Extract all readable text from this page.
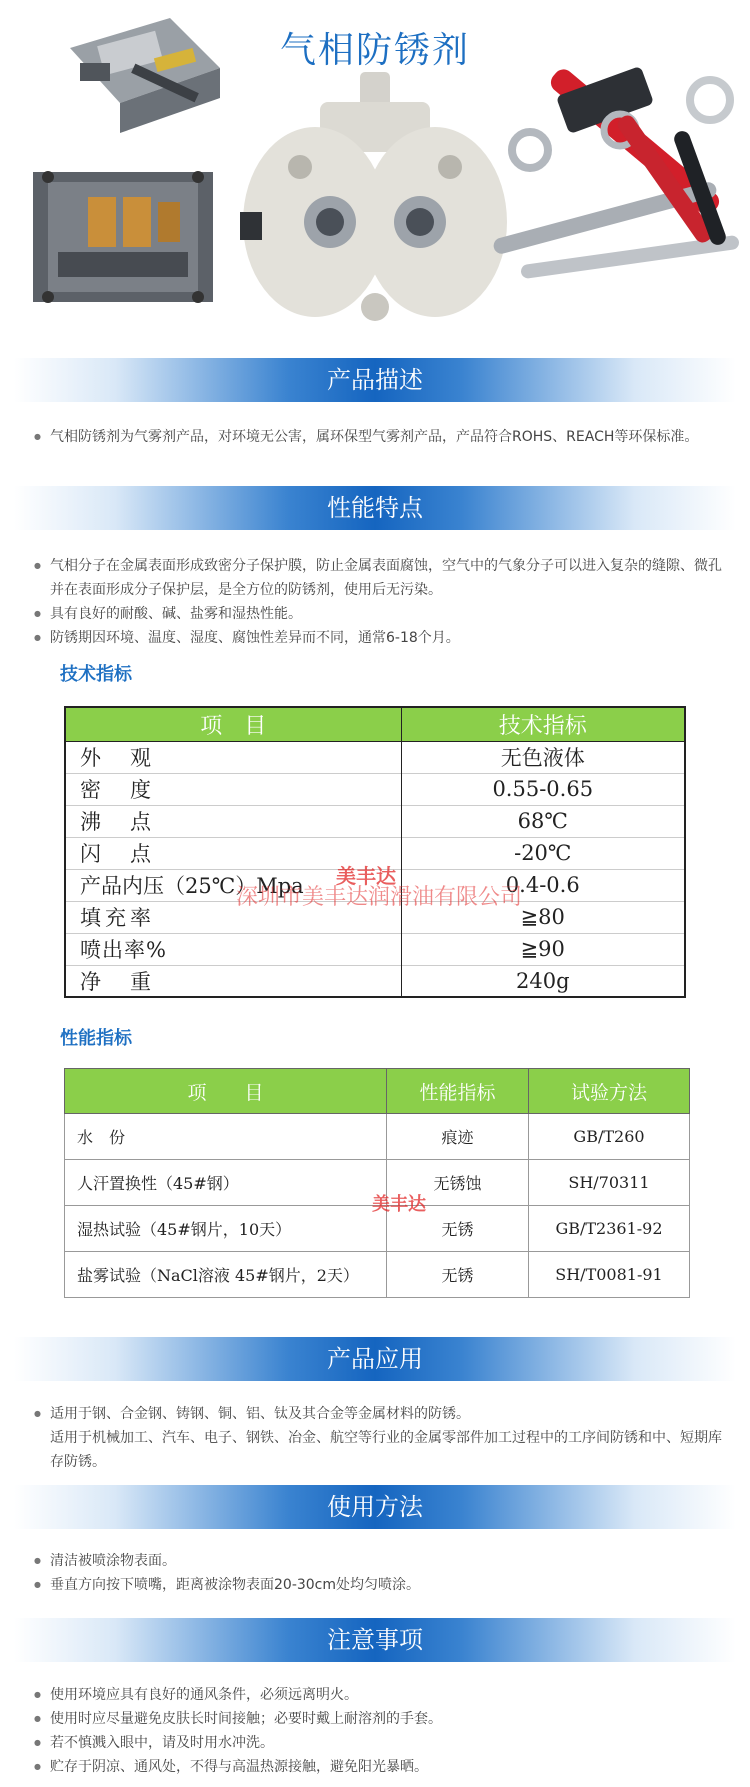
气相防锈剂
产品描述

● 气相防锈剂为气雾剂产品，对环境无公害，属环保型气雾剂产品，产品符合ROHS、REACH等环保标准。

性能特点

● 气相分子在金属表面形成致密分子保护膜，防止金属表面腐蚀，空气中的气象分子可以进入复杂的缝隙、微孔并在表面形成分子保护层，是全方位的防锈剂，使用后无污染。

● 具有良好的耐酸、碱、盐雾和湿热性能。

● 防锈期因环境、温度、湿度、腐蚀性差异而不同，通常6-18个月。

技术指标
项　目	技术指标
外　观	无色液体
密　度	0.55-0.65
沸　点	68℃
闪　点	-20℃
产品内压（25℃）Mpa	0.4-0.6
填充率	≧80
喷出率%	≧90
净　重	240g
美丰达
深圳市美丰达润滑油有限公司
性能指标
项　　目	性能指标	试验方法
水　份	痕迹	GB/T260
人汗置换性（45#钢）	无锈蚀	SH/70311
湿热试验（45#钢片，10天）	无锈	GB/T2361-92
盐雾试验（NaCl溶液 45#钢片，2天）	无锈	SH/T0081-91
美丰达
产品应用

● 适用于钢、合金钢、铸钢、铜、铝、钛及其合金等金属材料的防锈。

适用于机械加工、汽车、电子、钢铁、冶金、航空等行业的金属零部件加工过程中的工序间防锈和中、短期库存防锈。

使用方法

● 清洁被喷涂物表面。

● 垂直方向按下喷嘴，距离被涂物表面20-30cm处均匀喷涂。

注意事项

● 使用环境应具有良好的通风条件，必须远离明火。

● 使用时应尽量避免皮肤长时间接触；必要时戴上耐溶剂的手套。

● 若不慎溅入眼中，请及时用水冲洗。

● 贮存于阴凉、通风处，不得与高温热源接触，避免阳光暴晒。
